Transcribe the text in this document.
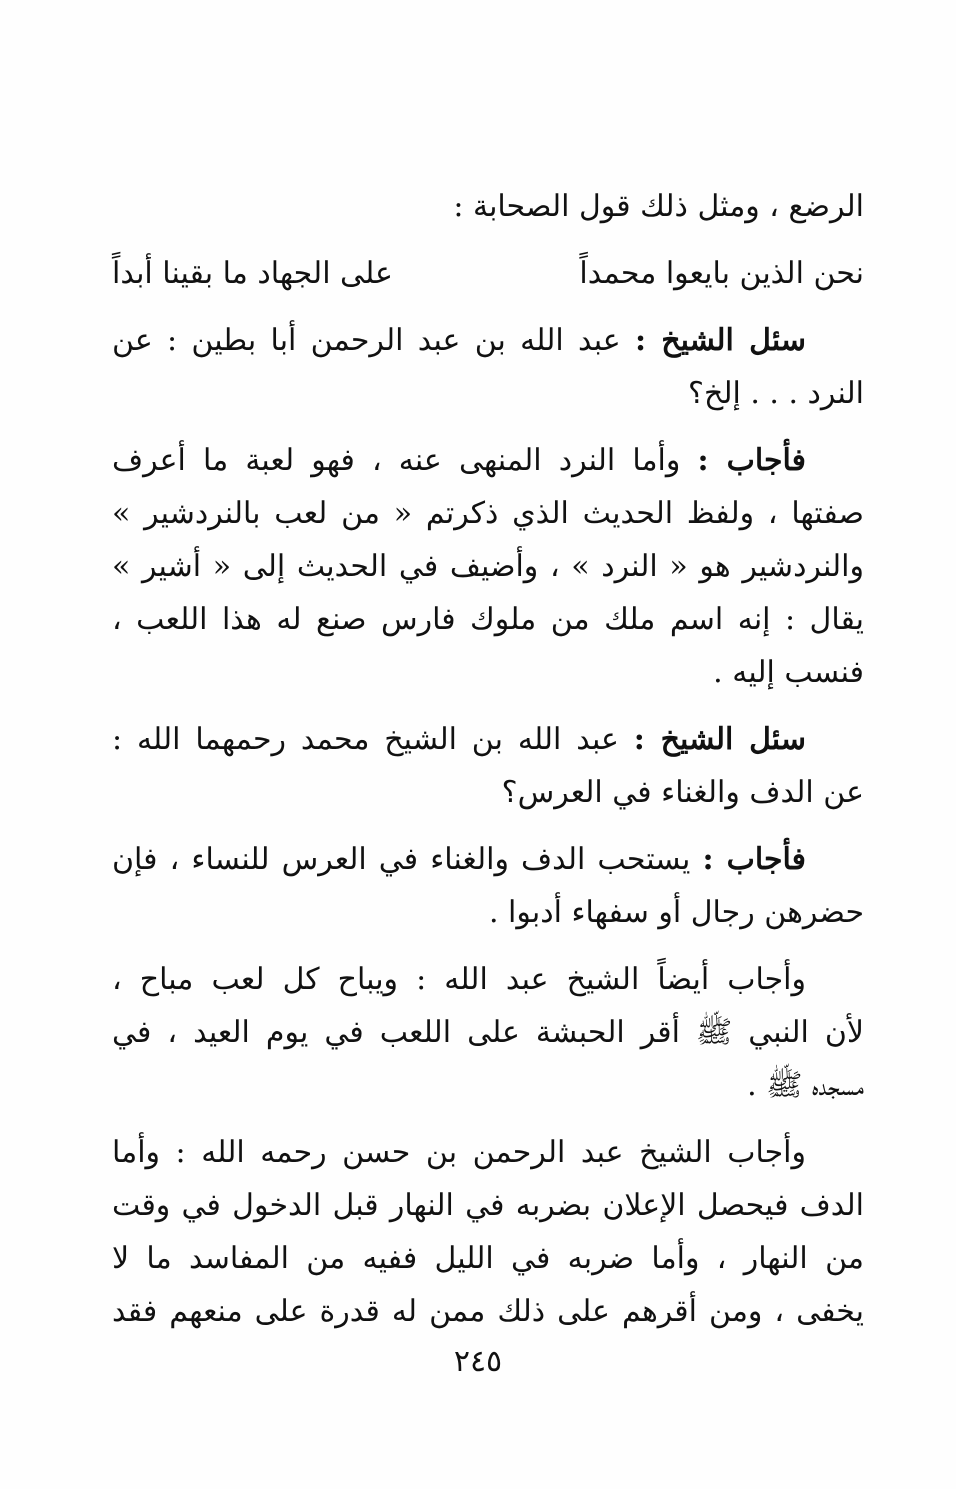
الرضع ، ومثل ذلك قول الصحابة :

نحن الذين بايعوا محمداً
على الجهاد ما بقينا أبداً

سئل الشيخ : عبد الله بن عبد الرحمن أبا بطين : عن
النرد . . . إلخ؟

فأجاب : وأما النرد المنهى عنه ، فهو لعبة ما أعرف
صفتها ، ولفظ الحديث الذي ذكرتم « من لعب بالنردشير »
والنردشير هو « النرد » ، وأضيف في الحديث إلى « أشير »
يقال : إنه اسم ملك من ملوك فارس صنع له هذا اللعب ،
فنسب إليه .

سئل الشيخ : عبد الله بن الشيخ محمد رحمهما الله :
عن الدف والغناء في العرس؟

فأجاب : يستحب الدف والغناء في العرس للنساء ، فإن
حضرهن رجال أو سفهاء أدبوا .

وأجاب أيضاً الشيخ عبد الله : ويباح كل لعب مباح ،
لأن النبي ﷺ أقر الحبشة على اللعب في يوم العيد ، في
مسجده ﷺ .

وأجاب الشيخ عبد الرحمن بن حسن رحمه الله : وأما
الدف فيحصل الإعلان بضربه في النهار قبل الدخول في وقت
من النهار ، وأما ضربه في الليل ففيه من المفاسد ما لا
يخفى ، ومن أقرهم على ذلك ممن له قدرة على منعهم فقد

٢٤٥
